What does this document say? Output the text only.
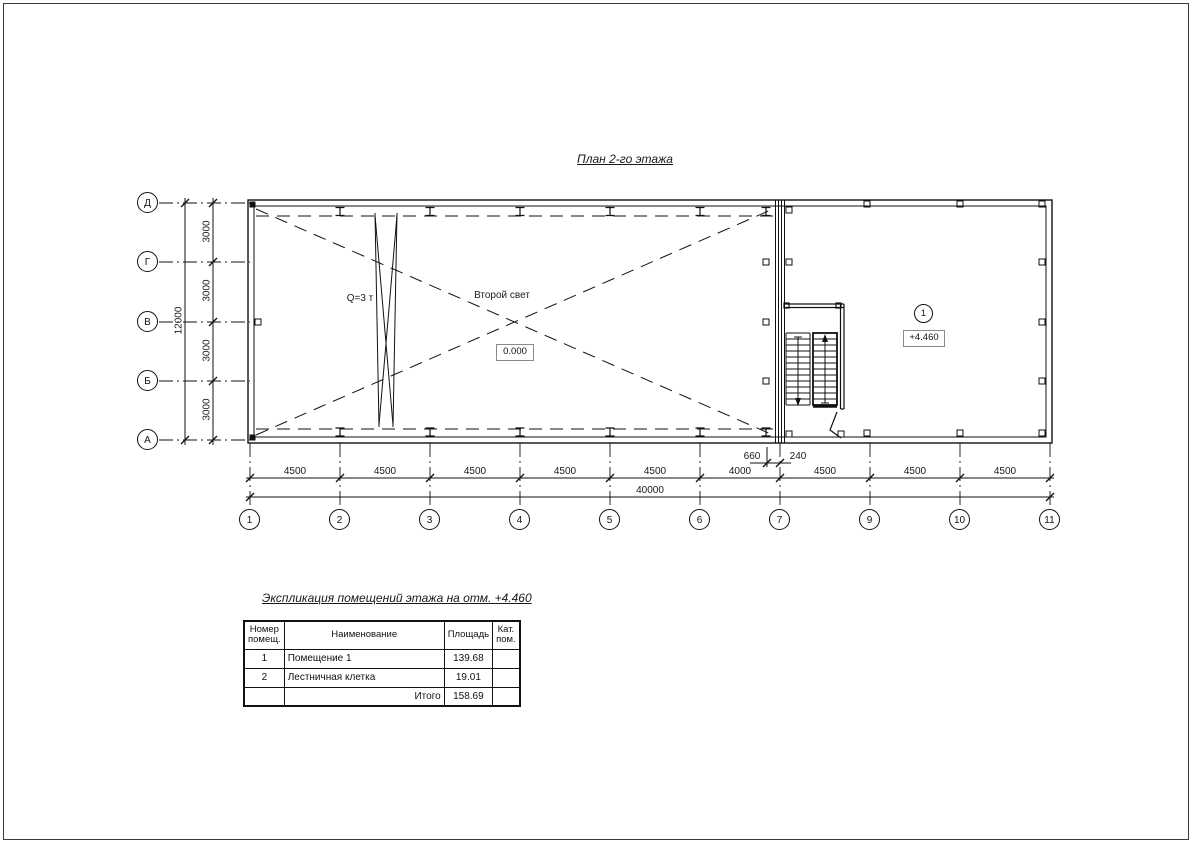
План 2-го этажа
Q=3 т	Второй свет
0.000
1
+4.460
Д
Г
В
Б
А
1	2	3	4	5	6	7	9	10	11
12000
3000
3000
3000
3000
4500	4500	4500	4500	4500	4000	4500	4500	4500
40000
660	240
Экспликация помещений этажа на отм. +4.460
Номер помещ.	Наименование	Площадь	Кат. пом.
1	Помещение 1	139.68	
2	Лестничная клетка	19.01	
	Итого	158.69	
